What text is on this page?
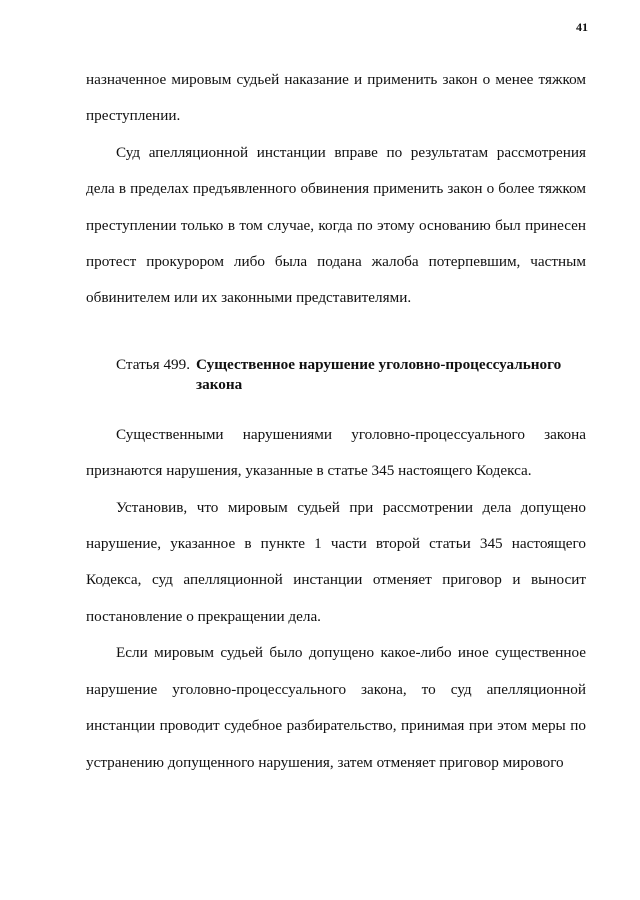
41

назначенное мировым судьей наказание и применить закон о менее тяжком преступлении.

Суд апелляционной инстанции вправе по результатам рассмотрения дела в пределах предъявленного обвинения применить закон о более тяжком преступлении только в том случае, когда по этому основанию был принесен протест прокурором либо была подана жалоба потерпевшим, частным обвинителем или их законными представителями.

Статья 499. Существенное нарушение уголовно-процессуального закона

Существенными нарушениями уголовно-процессуального закона признаются нарушения, указанные в статье 345 настоящего Кодекса.

Установив, что мировым судьей при рассмотрении дела допущено нарушение, указанное в пункте 1 части второй статьи 345 настоящего Кодекса, суд апелляционной инстанции отменяет приговор и выносит постановление о прекращении дела.

Если мировым судьей было допущено какое-либо иное существенное нарушение уголовно-процессуального закона, то суд апелляционной инстанции проводит судебное разбирательство, принимая при этом меры по устранению допущенного нарушения, затем отменяет приговор мирового
